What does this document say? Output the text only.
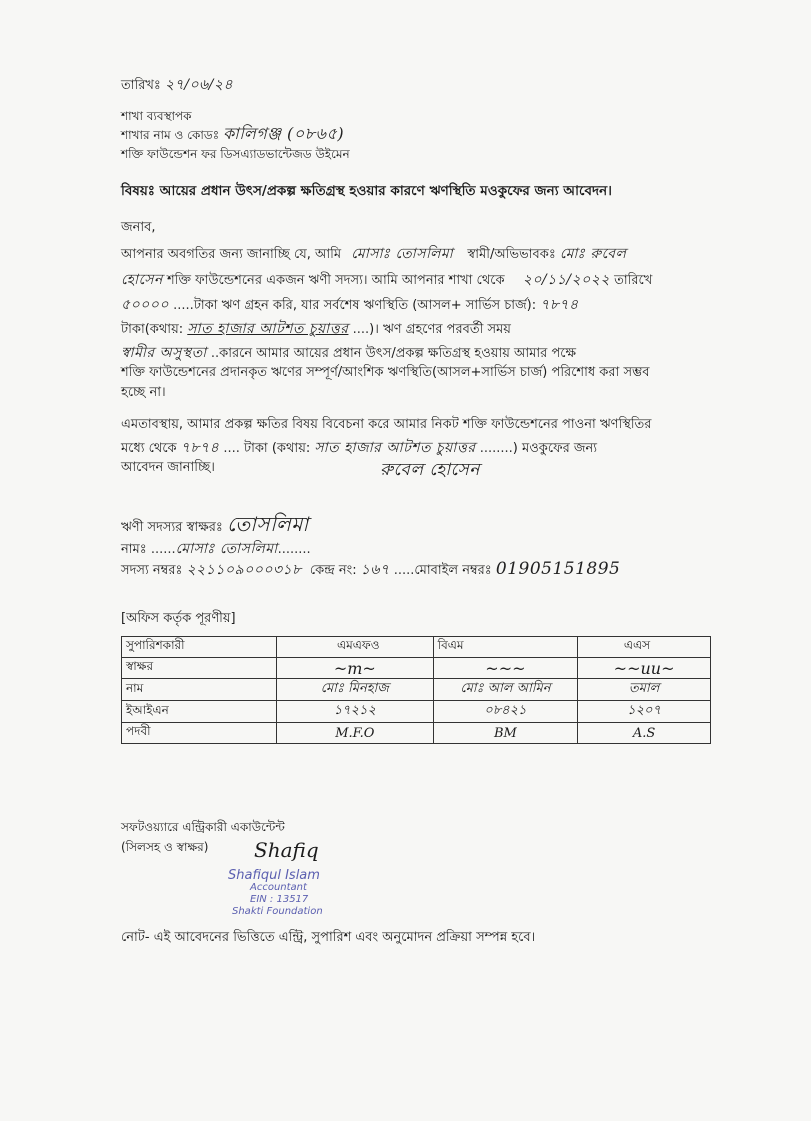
তারিখঃ ২৭/০৬/২৪
শাখা ব্যবস্থাপক
শাখার নাম ও কোডঃ কালিগঞ্জ (০৮৬৫)
শক্তি ফাউন্ডেশন ফর ডিসএ্যাডভান্টেজড উইমেন
বিষয়ঃ আয়ের প্রধান উৎস/প্রকল্প ক্ষতিগ্রস্থ হওয়ার কারণে ঋণস্থিতি মওকুফের জন্য আবেদন।
জনাব,
আপনার অবগতির জন্য জানাচ্ছি যে, আমি মোসাঃ তোসলিমা স্বামী/অভিভাবকঃ মোঃ রুবেল
হোসেন শক্তি ফাউন্ডেশনের একজন ঋণী সদস্য। আমি আপনার শাখা থেকে ২০/১১/২০২২ তারিখে
৫০০০০ .....টাকা ঋণ গ্রহন করি, যার সর্বশেষ ঋণস্থিতি (আসল+ সার্ভিস চার্জ): ৭৮৭৪
টাকা(কথায়: সাত হাজার আটশত চুয়াত্তর ....)। ঋণ গ্রহণের পরবর্তী সময়
স্বামীর অসুস্থতা ..কারনে আমার আয়ের প্রধান উৎস/প্রকল্প ক্ষতিগ্রস্থ হওয়ায় আমার পক্ষে
শক্তি ফাউন্ডেশনের প্রদানকৃত ঋণের সম্পূর্ণ/আংশিক ঋণস্থিতি(আসল+সার্ভিস চার্জ) পরিশোধ করা সম্ভব
হচ্ছে না।
এমতাবস্থায়, আমার প্রকল্প ক্ষতির বিষয় বিবেচনা করে আমার নিকট শক্তি ফাউন্ডেশনের পাওনা ঋণস্থিতির
মধ্যে থেকে ৭৮৭৪ .... টাকা (কথায়: সাত হাজার আটশত চুয়াত্তর ........) মওকুফের জন্য
আবেদন জানাচ্ছি।	রুবেল হোসেন
ঋণী সদস্যর স্বাক্ষরঃ তোসলিমা
নামঃ ......মোসাঃ তোসলিমা........
সদস্য নম্বরঃ ২২১১০৯০০০৩১৮ কেন্দ্র নং: ১৬৭ .....মোবাইল নম্বরঃ 01905151895
[অফিস কর্তৃক পূরণীয়]
সুপারিশকারী	এমএফও	বিএম	এএস
স্বাক্ষর	~m~	~~~	~~uu~
নাম	মোঃ মিনহাজ	মোঃ আল আমিন	তমাল
ইআইএন	১৭২১২	০৮৪২১	১২০৭
পদবী	M.F.O	BM	A.S
সফটওয়্যারে এন্ট্রিকারী একাউন্টেন্ট
(সিলসহ ও স্বাক্ষর) Shafiq
Shafiqul Islam
Accountant
EIN : 13517
Shakti Foundation
নোট- এই আবেদনের ভিত্তিতে এন্ট্রি, সুপারিশ এবং অনুমোদন প্রক্রিয়া সম্পন্ন হবে।
